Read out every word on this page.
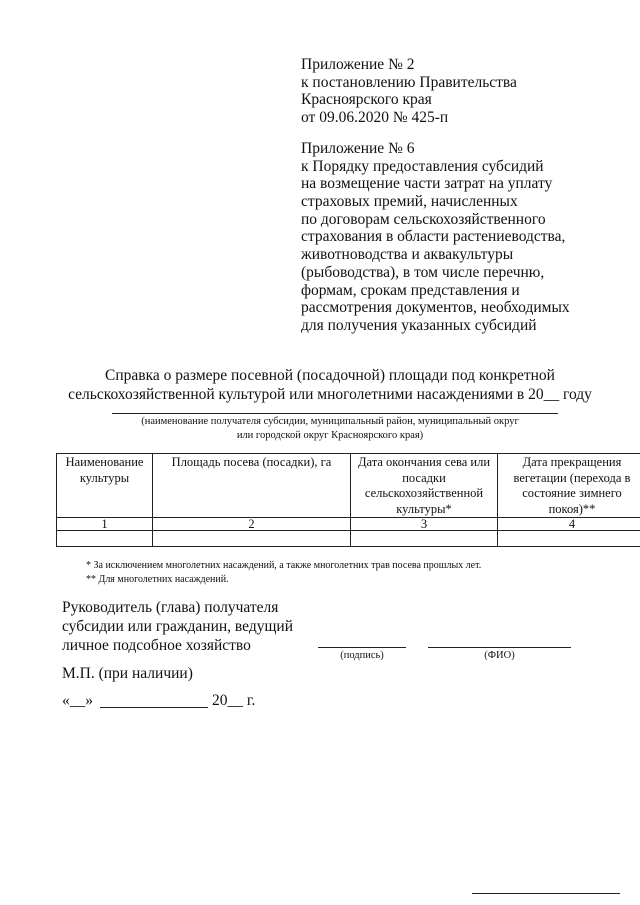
Приложение № 2
к постановлению Правительства
Красноярского края
от 09.06.2020 № 425-п
Приложение № 6
к Порядку предоставления субсидий
на возмещение части затрат на уплату
страховых премий, начисленных
по договорам сельскохозяйственного
страхования в области растениеводства,
животноводства и аквакультуры
(рыбоводства), в том числе перечню,
формам, срокам представления и
рассмотрения документов, необходимых
для получения указанных субсидий
Справка о размере посевной (посадочной) площади под конкретной
сельскохозяйственной культурой или многолетними насаждениями в 20__ году
(наименование получателя субсидии, муниципальный район, муниципальный округ
или городской округ Красноярского края)
Наименование культуры	Площадь посева (посадки), га	Дата окончания сева или посадки сельскохозяйственной культуры*	Дата прекращения вегетации (перехода в состояние зимнего покоя)**
1	2	3	4

* За исключением многолетних насаждений, а также многолетних трав посева прошлых лет.
** Для многолетних насаждений.
Руководитель (глава) получателя
субсидии или гражданин, ведущий
личное подсобное хозяйство
(подпись)	(ФИО)
М.П. (при наличии)
«__»	20__ г.
